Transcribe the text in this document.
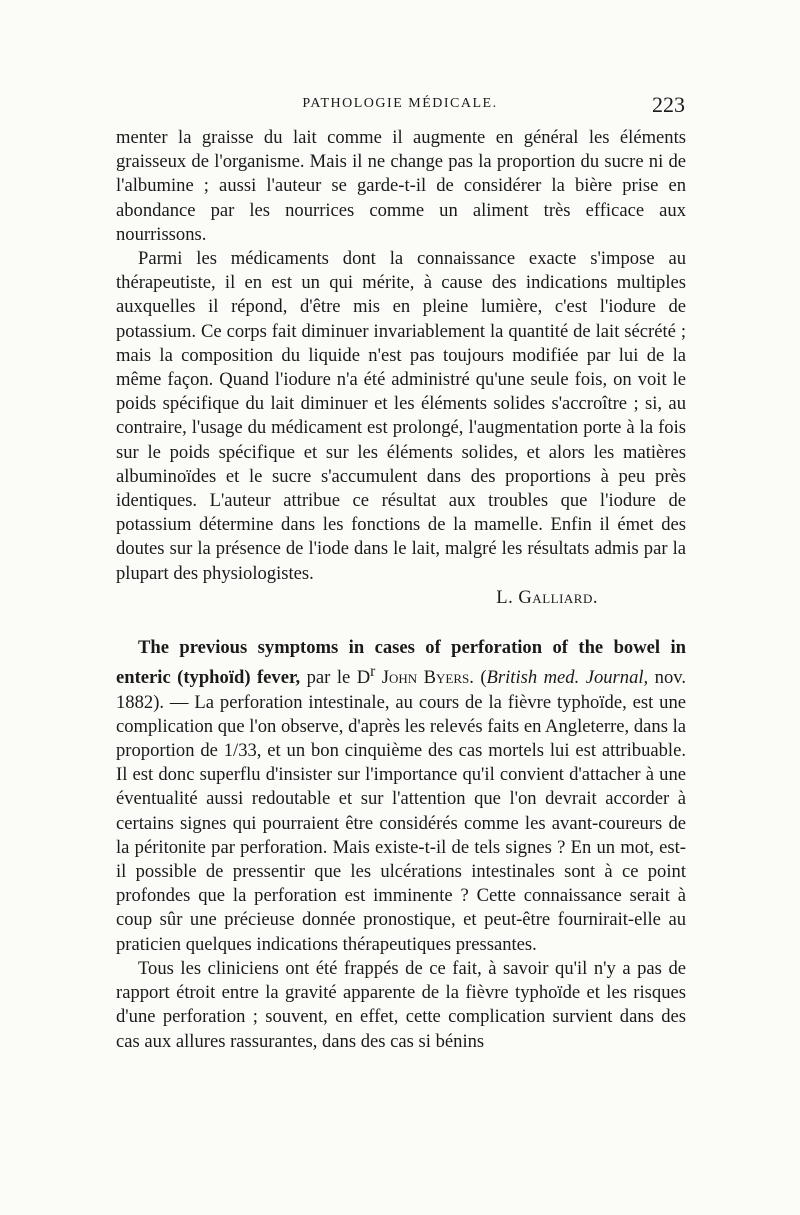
PATHOLOGIE MÉDICALE.	223

menter la graisse du lait comme il augmente en général les éléments graisseux de l'organisme. Mais il ne change pas la proportion du sucre ni de l'albumine ; aussi l'auteur se garde-t-il de considérer la bière prise en abondance par les nourrices comme un aliment très efficace aux nourrissons.

Parmi les médicaments dont la connaissance exacte s'impose au thérapeutiste, il en est un qui mérite, à cause des indications multiples auxquelles il répond, d'être mis en pleine lumière, c'est l'iodure de potassium. Ce corps fait diminuer invariablement la quantité de lait sécrété ; mais la composition du liquide n'est pas toujours modifiée par lui de la même façon. Quand l'iodure n'a été administré qu'une seule fois, on voit le poids spécifique du lait diminuer et les éléments solides s'accroître ; si, au contraire, l'usage du médicament est prolongé, l'augmentation porte à la fois sur le poids spécifique et sur les éléments solides, et alors les matières albuminoïdes et le sucre s'accumulent dans des proportions à peu près identiques. L'auteur attribue ce résultat aux troubles que l'iodure de potassium détermine dans les fonctions de la mamelle. Enfin il émet des doutes sur la présence de l'iode dans le lait, malgré les résultats admis par la plupart des physiologistes.

L. Galliard.

The previous symptoms in cases of perforation of the bowel in enteric (typhoïd) fever, par le $D^r$ John Byers. (British med. Journal, nov. 1882). — La perforation intestinale, au cours de la fièvre typhoïde, est une complication que l'on observe, d'après les relevés faits en Angleterre, dans la proportion de 1/33, et un bon cinquième des cas mortels lui est attribuable. Il est donc superflu d'insister sur l'importance qu'il convient d'attacher à une éventualité aussi redoutable et sur l'attention que l'on devrait accorder à certains signes qui pourraient être considérés comme les avant-coureurs de la péritonite par perforation. Mais existe-t-il de tels signes ? En un mot, est-il possible de pressentir que les ulcérations intestinales sont à ce point profondes que la perforation est imminente ? Cette connaissance serait à coup sûr une précieuse donnée pronostique, et peut-être fournirait-elle au praticien quelques indications thérapeutiques pressantes.

Tous les cliniciens ont été frappés de ce fait, à savoir qu'il n'y a pas de rapport étroit entre la gravité apparente de la fièvre typhoïde et les risques d'une perforation ; souvent, en effet, cette complication survient dans des cas aux allures rassurantes, dans des cas si bénins
